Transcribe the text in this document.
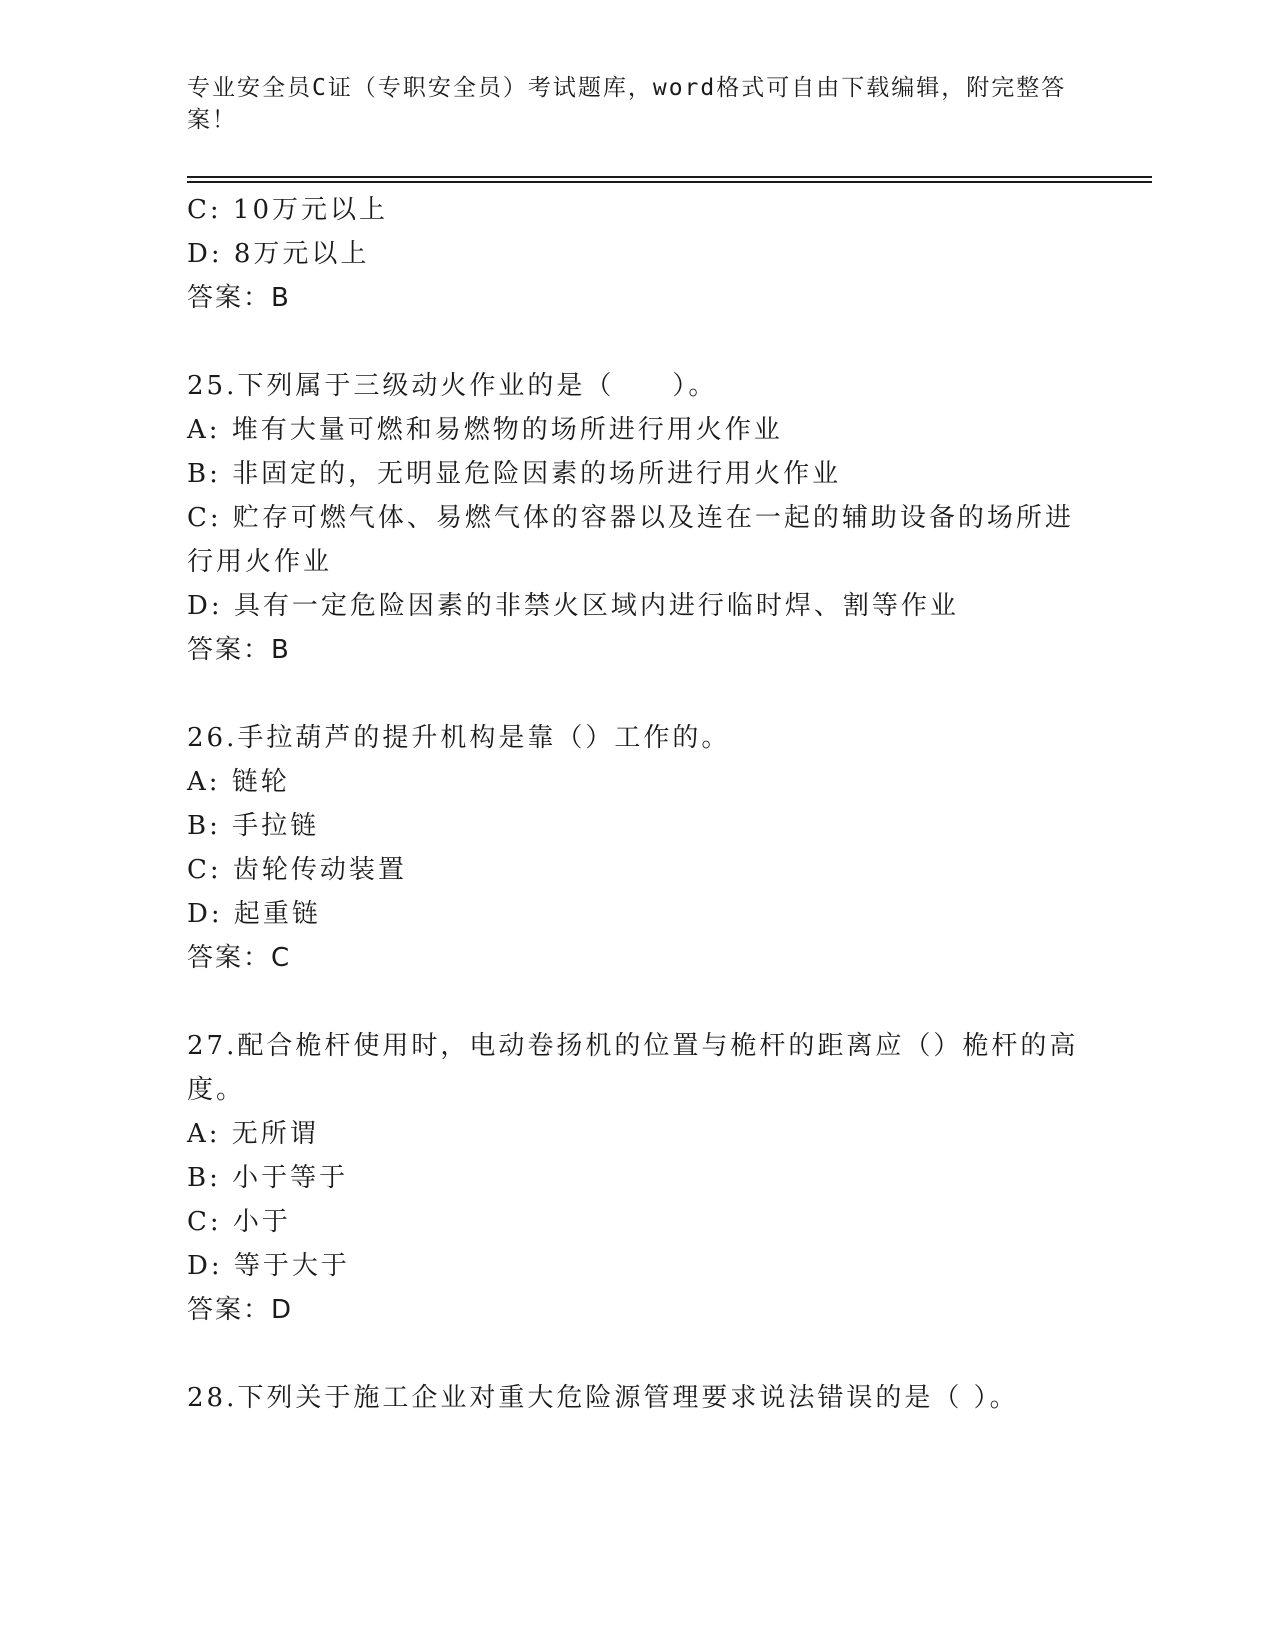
专业安全员C证（专职安全员）考试题库，word格式可自由下载编辑，附完整答案！
C: 10万元以上
D: 8万元以上
答案：B
25.下列属于三级动火作业的是（　　）。
A: 堆有大量可燃和易燃物的场所进行用火作业
B: 非固定的，无明显危险因素的场所进行用火作业
C: 贮存可燃气体、易燃气体的容器以及连在一起的辅助设备的场所进
行用火作业
D: 具有一定危险因素的非禁火区域内进行临时焊、割等作业
答案：B
26.手拉葫芦的提升机构是靠（）工作的。
A: 链轮
B: 手拉链
C: 齿轮传动装置
D: 起重链
答案：C
27.配合桅杆使用时，电动卷扬机的位置与桅杆的距离应（）桅杆的高
度。
A: 无所谓
B: 小于等于
C: 小于
D: 等于大于
答案：D
28.下列关于施工企业对重大危险源管理要求说法错误的是（ ）。
